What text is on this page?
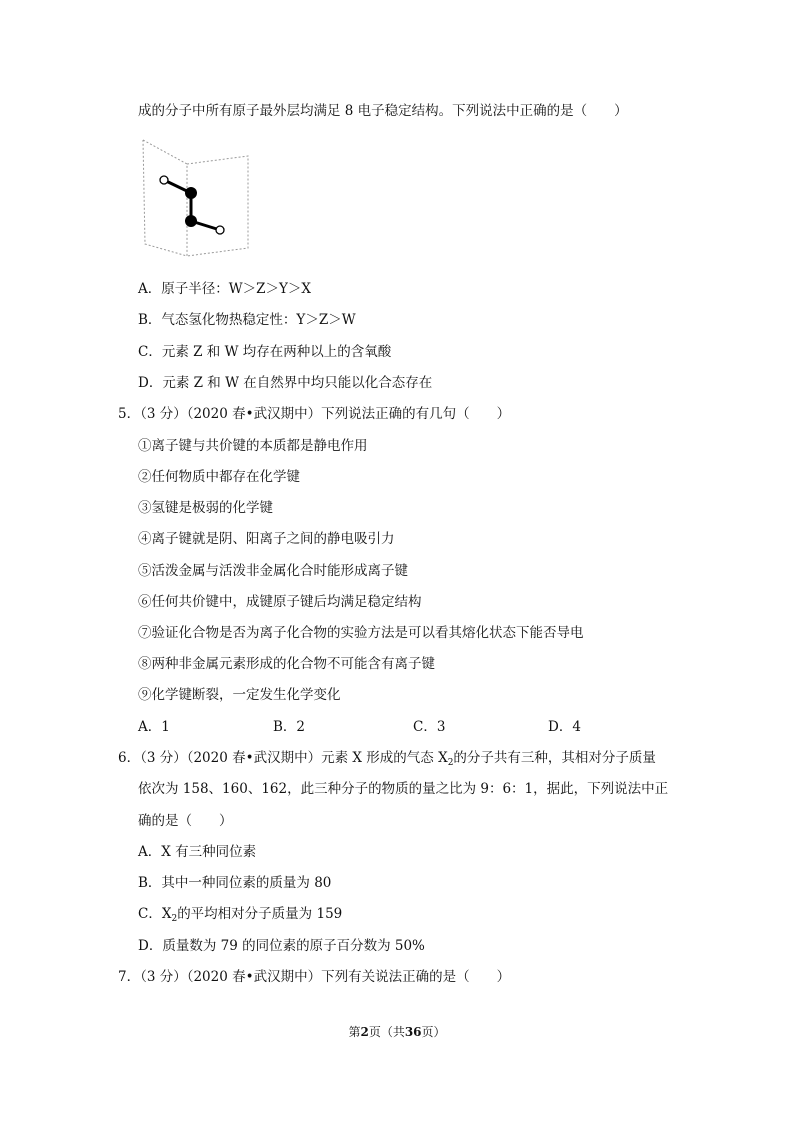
成的分子中所有原子最外层均满足 8 电子稳定结构。下列说法中正确的是（　　）
A．原子半径：W＞Z＞Y＞X
B．气态氢化物热稳定性：Y＞Z＞W
C．元素 Z 和 W 均存在两种以上的含氧酸
D．元素 Z 和 W 在自然界中均只能以化合态存在
5．（3 分）（2020 春•武汉期中）下列说法正确的有几句（　　）
①离子键与共价键的本质都是静电作用
②任何物质中都存在化学键
③氢键是极弱的化学键
④离子键就是阴、阳离子之间的静电吸引力
⑤活泼金属与活泼非金属化合时能形成离子键
⑥任何共价键中，成键原子键后均满足稳定结构
⑦验证化合物是否为离子化合物的实验方法是可以看其熔化状态下能否导电
⑧两种非金属元素形成的化合物不可能含有离子键
⑨化学键断裂，一定发生化学变化
A．1	B．2	C．3	D．4
6．（3 分）（2020 春•武汉期中）元素 X 形成的气态 $X_2$的分子共有三种，其相对分子质量
依次为 158、160、162，此三种分子的物质的量之比为 9：6：1，据此，下列说法中正
确的是（　　）
A．X 有三种同位素
B．其中一种同位素的质量为 80
C．$X_2$的平均相对分子质量为 159
D．质量数为 79 的同位素的原子百分数为 50%
7．（3 分）（2020 春•武汉期中）下列有关说法正确的是（　　）
第2页（共36页）
